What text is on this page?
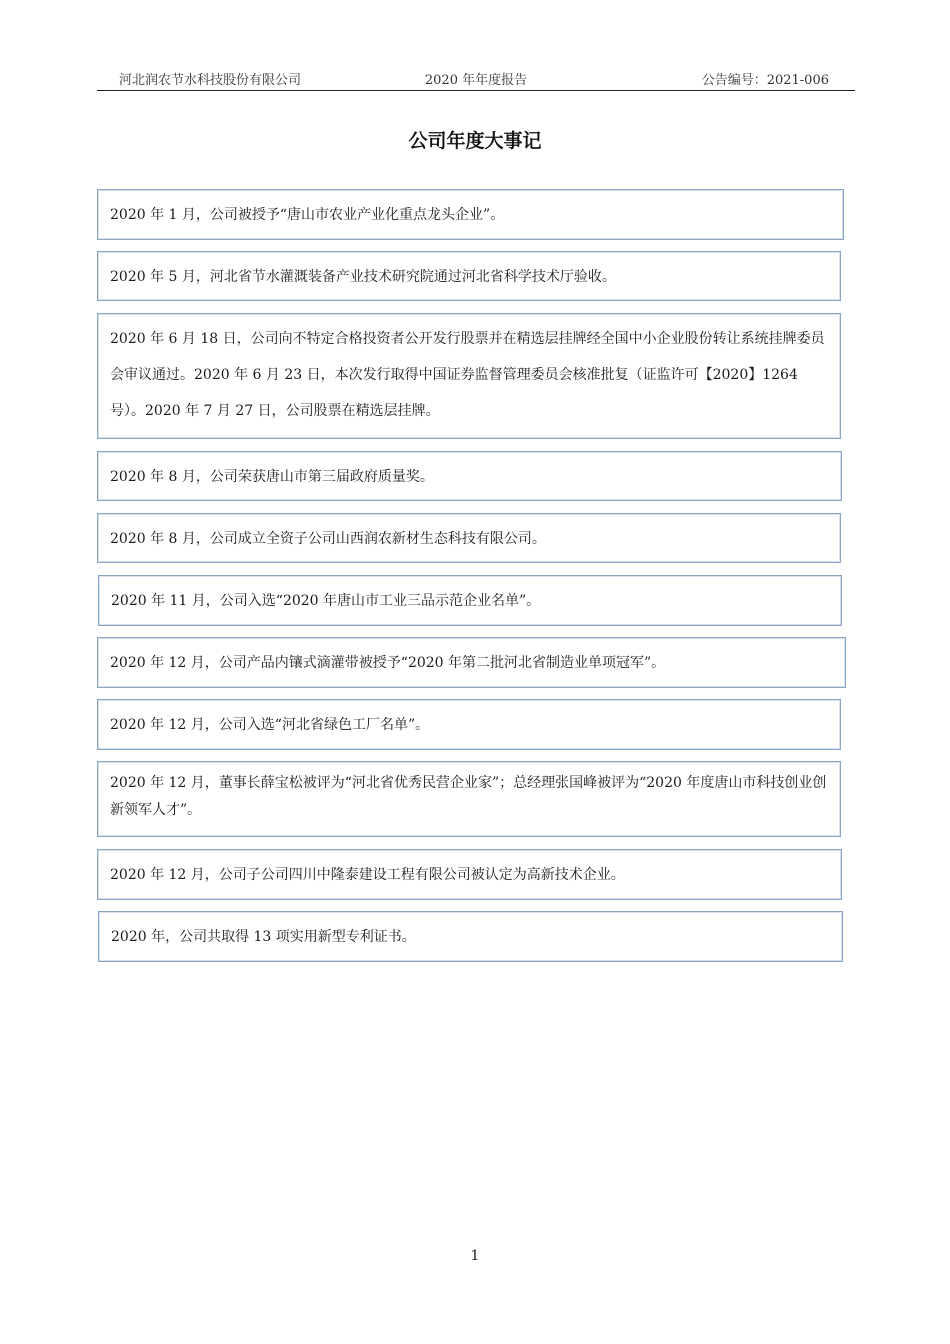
河北润农节水科技股份有限公司	2020 年年度报告	公告编号：2021-006
公司年度大事记
2020 年 1 月，公司被授予“唐山市农业产业化重点龙头企业”。
2020 年 5 月，河北省节水灌溉装备产业技术研究院通过河北省科学技术厅验收。
2020 年 6 月 18 日，公司向不特定合格投资者公开发行股票并在精选层挂牌经全国中小企业股份转让系统挂牌委员会审议通过。2020 年 6 月 23 日，本次发行取得中国证券监督管理委员会核准批复（证监许可【2020】1264 号）。2020 年 7 月 27 日，公司股票在精选层挂牌。
2020 年 8 月，公司荣获唐山市第三届政府质量奖。
2020 年 8 月，公司成立全资子公司山西润农新材生态科技有限公司。
2020 年 11 月，公司入选“2020 年唐山市工业三品示范企业名单”。
2020 年 12 月，公司产品内镶式滴灌带被授予“2020 年第二批河北省制造业单项冠军”。
2020 年 12 月，公司入选“河北省绿色工厂名单”。
2020 年 12 月，董事长薛宝松被评为“河北省优秀民营企业家”；总经理张国峰被评为“2020 年度唐山市科技创业创新领军人才”。
2020 年 12 月，公司子公司四川中隆泰建设工程有限公司被认定为高新技术企业。
2020 年，公司共取得 13 项实用新型专利证书。
1
